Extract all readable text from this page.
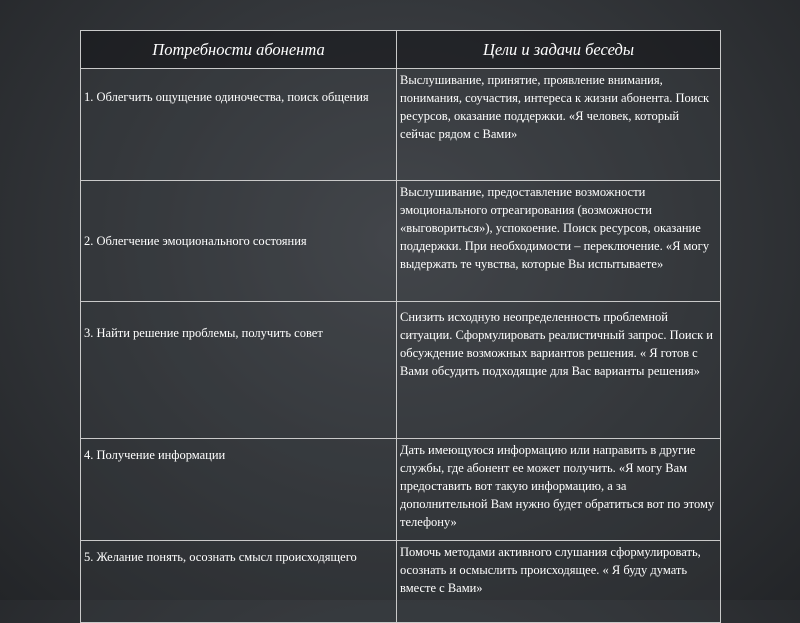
Потребности абонента	Цели и задачи беседы
1. Облегчить ощущение одиночества, поиск общения	Выслушивание, принятие, проявление внимания, понимания, соучастия, интереса к жизни абонента. Поиск ресурсов, оказание поддержки. «Я человек, который сейчас рядом с Вами»
2. Облегчение эмоционального состояния	Выслушивание, предоставление возможности эмоционального отреагирования (возможности «выговориться»), успокоение. Поиск ресурсов, оказание поддержки. При необходимости – переключение. «Я могу выдержать те чувства, которые Вы испытываете»
3. Найти решение проблемы, получить совет	Снизить исходную неопределенность проблемной ситуации. Сформулировать реалистичный запрос. Поиск и обсуждение возможных вариантов решения. « Я готов с Вами обсудить подходящие для Вас варианты решения»
4. Получение информации	Дать имеющуюся информацию или направить в другие службы, где абонент ее может получить. «Я могу Вам предоставить вот такую информацию, а за дополнительной Вам нужно будет обратиться вот по этому телефону»
5. Желание понять, осознать смысл происходящего	Помочь методами активного слушания сформулировать, осознать и осмыслить происходящее. « Я буду думать вместе с Вами»
